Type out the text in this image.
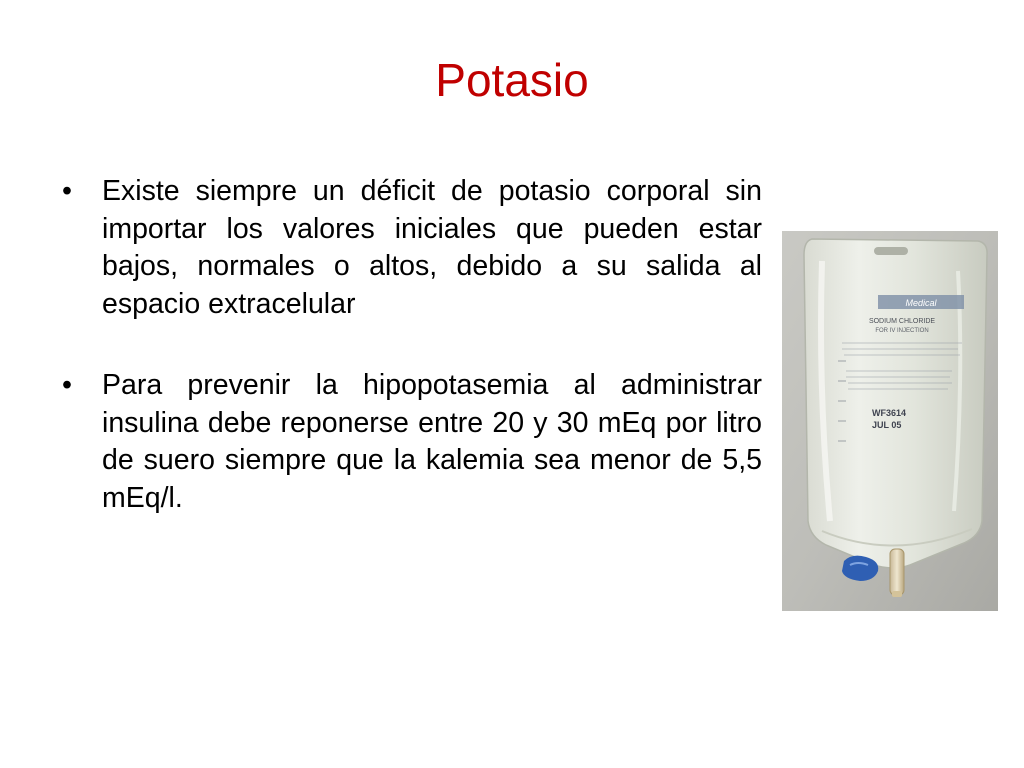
Potasio
•	Existe siempre un déficit de potasio corporal sin importar los valores iniciales que pueden estar bajos, normales o altos, debido a su salida al espacio extracelular
•	Para prevenir la hipopotasemia al administrar insulina debe reponerse entre 20 y 30 mEq por litro de suero siempre que la kalemia sea menor de 5,5 mEq/l.
Medical
SODIUM CHLORIDE
FOR IV INJECTION
WF3614
JUL 05
